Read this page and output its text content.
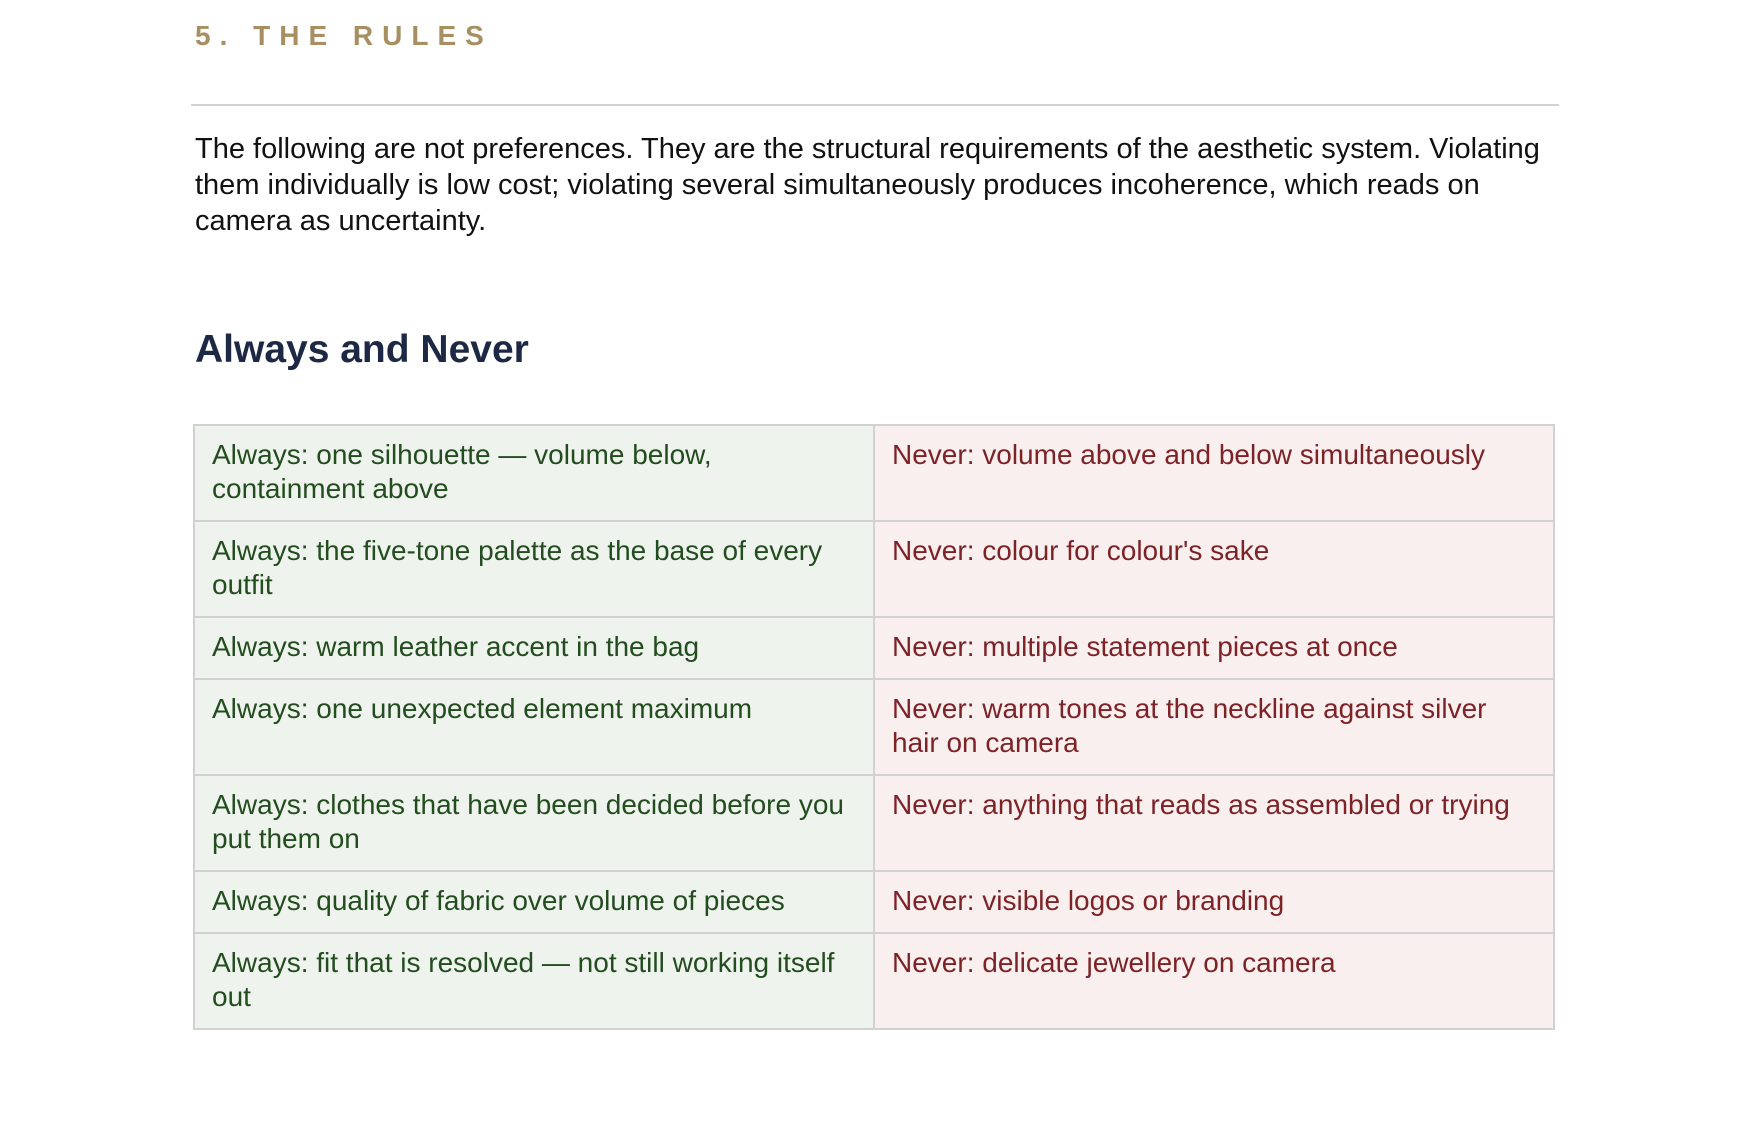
5. THE RULES

The following are not preferences. They are the structural requirements of the aesthetic system. Violating them individually is low cost; violating several simultaneously produces incoherence, which reads on camera as uncertainty.

Always and Never
Always: one silhouette — volume below, containment above	Never: volume above and below simultaneously
Always: the five-tone palette as the base of every outfit	Never: colour for colour's sake
Always: warm leather accent in the bag	Never: multiple statement pieces at once
Always: one unexpected element maximum	Never: warm tones at the neckline against silver hair on camera
Always: clothes that have been decided before you put them on	Never: anything that reads as assembled or trying
Always: quality of fabric over volume of pieces	Never: visible logos or branding
Always: fit that is resolved — not still working itself out	Never: delicate jewellery on camera
